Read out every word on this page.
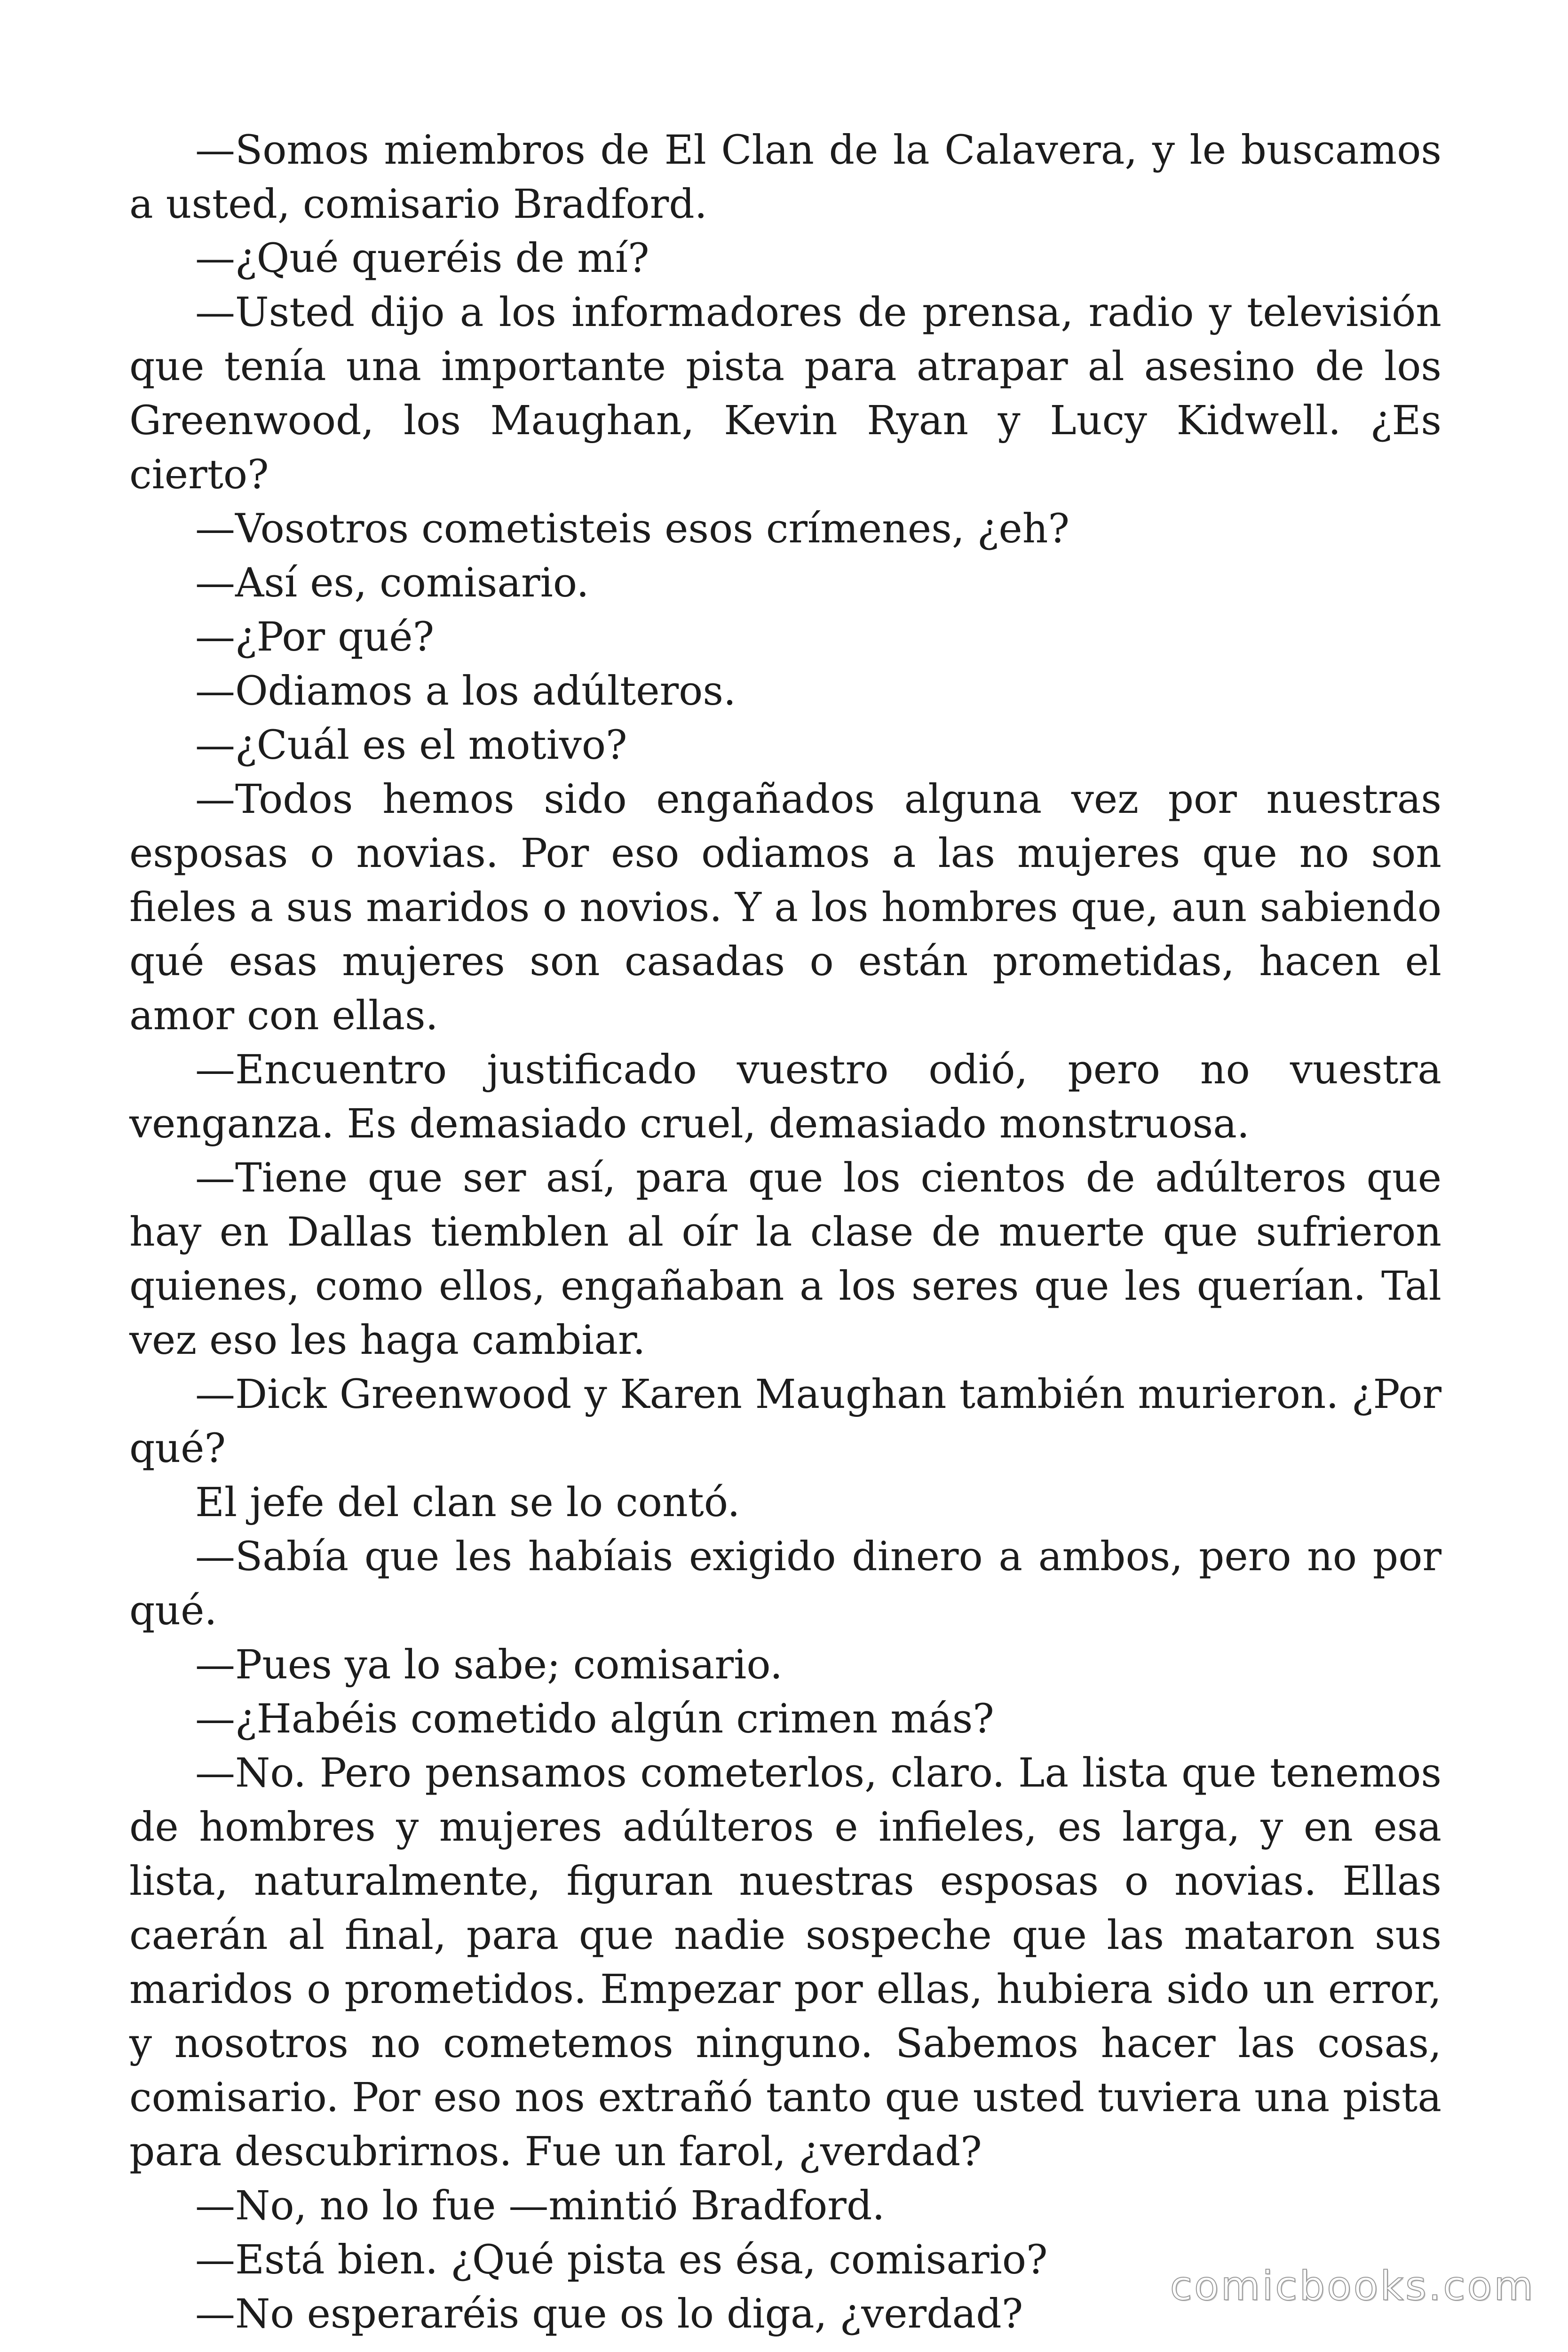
—Somos miembros de El Clan de la Calavera, y le buscamos a usted, comisario Bradford.

—¿Qué queréis de mí?

—Usted dijo a los informadores de prensa, radio y televisión que tenía una importante pista para atrapar al asesino de los Greenwood, los Maughan, Kevin Ryan y Lucy Kidwell. ¿Es cierto?

—Vosotros cometisteis esos crímenes, ¿eh?

—Así es, comisario.

—¿Por qué?

—Odiamos a los adúlteros.

—¿Cuál es el motivo?

—Todos hemos sido engañados alguna vez por nuestras esposas o novias. Por eso odiamos a las mujeres que no son fieles a sus maridos o novios. Y a los hombres que, aun sabiendo qué esas mujeres son casadas o están prometidas, hacen el amor con ellas.

—Encuentro justificado vuestro odió, pero no vuestra venganza. Es demasiado cruel, demasiado monstruosa.

—Tiene que ser así, para que los cientos de adúlteros que hay en Dallas tiemblen al oír la clase de muerte que sufrieron quienes, como ellos, engañaban a los seres que les querían. Tal vez eso les haga cambiar.

—Dick Greenwood y Karen Maughan también murieron. ¿Por qué?

El jefe del clan se lo contó.

—Sabía que les habíais exigido dinero a ambos, pero no por qué.

—Pues ya lo sabe; comisario.

—¿Habéis cometido algún crimen más?

—No. Pero pensamos cometerlos, claro. La lista que tenemos de hombres y mujeres adúlteros e infieles, es larga, y en esa lista, naturalmente, figuran nuestras esposas o novias. Ellas caerán al final, para que nadie sospeche que las mataron sus maridos o prometidos. Empezar por ellas, hubiera sido un error, y nosotros no cometemos ninguno. Sabemos hacer las cosas, comisario. Por eso nos extrañó tanto que usted tuviera una pista para descubrirnos. Fue un farol, ¿verdad?

—No, no lo fue —mintió Bradford.

—Está bien. ¿Qué pista es ésa, comisario?

—No esperaréis que os lo diga, ¿verdad?

comicbooks.com
